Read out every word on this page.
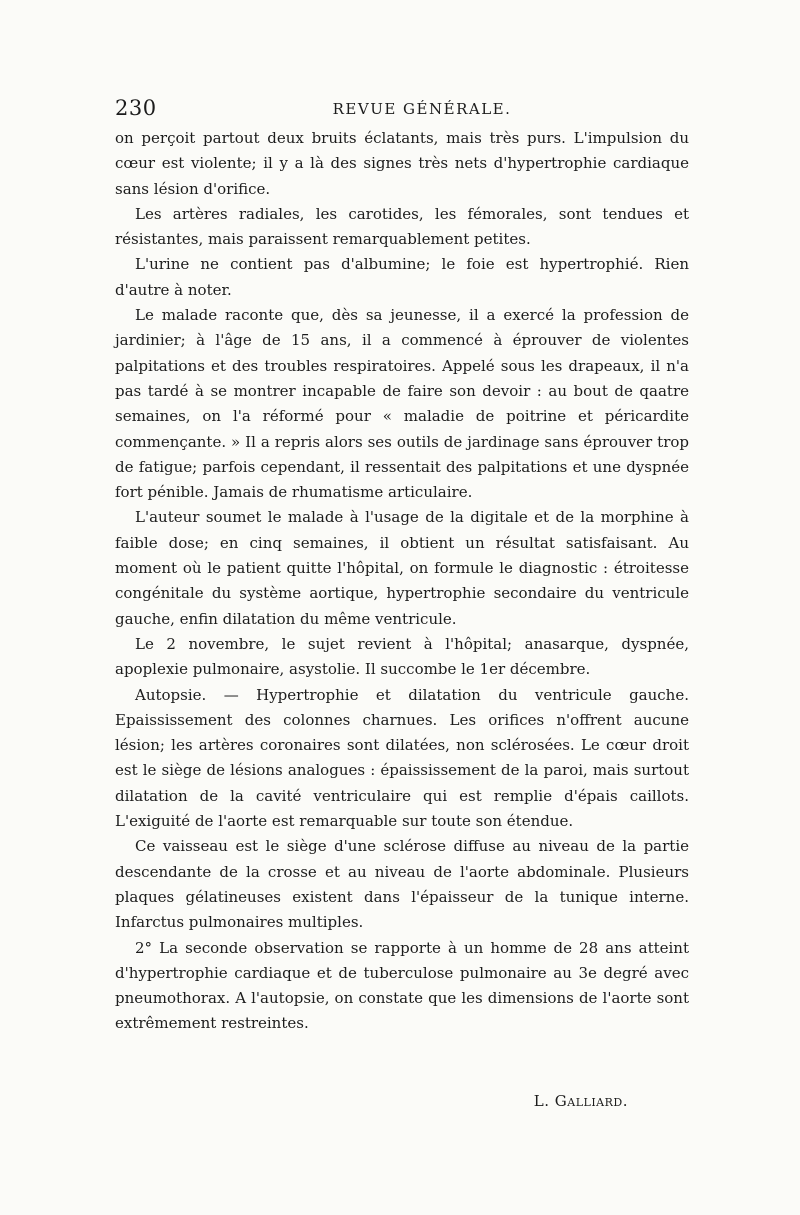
230	REVUE GÉNÉRALE.

on perçoit partout deux bruits éclatants, mais très purs. L'impulsion du cœur est violente; il y a là des signes très nets d'hypertrophie cardiaque sans lésion d'orifice.

Les artères radiales, les carotides, les fémorales, sont tendues et résistantes, mais paraissent remarquablement petites.

L'urine ne contient pas d'albumine; le foie est hypertrophié. Rien d'autre à noter.

Le malade raconte que, dès sa jeunesse, il a exercé la profession de jardinier; à l'âge de 15 ans, il a commencé à éprouver de violentes palpitations et des troubles respiratoires. Appelé sous les drapeaux, il n'a pas tardé à se montrer incapable de faire son devoir : au bout de qaatre semaines, on l'a réformé pour « maladie de poitrine et péricardite commençante. » Il a repris alors ses outils de jardinage sans éprouver trop de fatigue; parfois cependant, il ressentait des palpitations et une dyspnée fort pénible. Jamais de rhumatisme articulaire.

L'auteur soumet le malade à l'usage de la digitale et de la morphine à faible dose; en cinq semaines, il obtient un résultat satisfaisant. Au moment où le patient quitte l'hôpital, on formule le diagnostic : étroitesse congénitale du système aortique, hypertrophie secondaire du ventricule gauche, enfin dilatation du même ventricule.

Le 2 novembre, le sujet revient à l'hôpital; anasarque, dyspnée, apoplexie pulmonaire, asystolie. Il succombe le 1er décembre.

Autopsie. — Hypertrophie et dilatation du ventricule gauche. Epaississement des colonnes charnues. Les orifices n'offrent aucune lésion; les artères coronaires sont dilatées, non sclérosées. Le cœur droit est le siège de lésions analogues : épaississement de la paroi, mais surtout dilatation de la cavité ventriculaire qui est remplie d'épais caillots. L'exiguité de l'aorte est remarquable sur toute son étendue.

Ce vaisseau est le siège d'une sclérose diffuse au niveau de la partie descendante de la crosse et au niveau de l'aorte abdominale. Plusieurs plaques gélatineuses existent dans l'épaisseur de la tunique interne. Infarctus pulmonaires multiples.

2° La seconde observation se rapporte à un homme de 28 ans atteint d'hypertrophie cardiaque et de tuberculose pulmonaire au 3e degré avec pneumothorax. A l'autopsie, on constate que les dimensions de l'aorte sont extrêmement restreintes.

L. Galliard.
